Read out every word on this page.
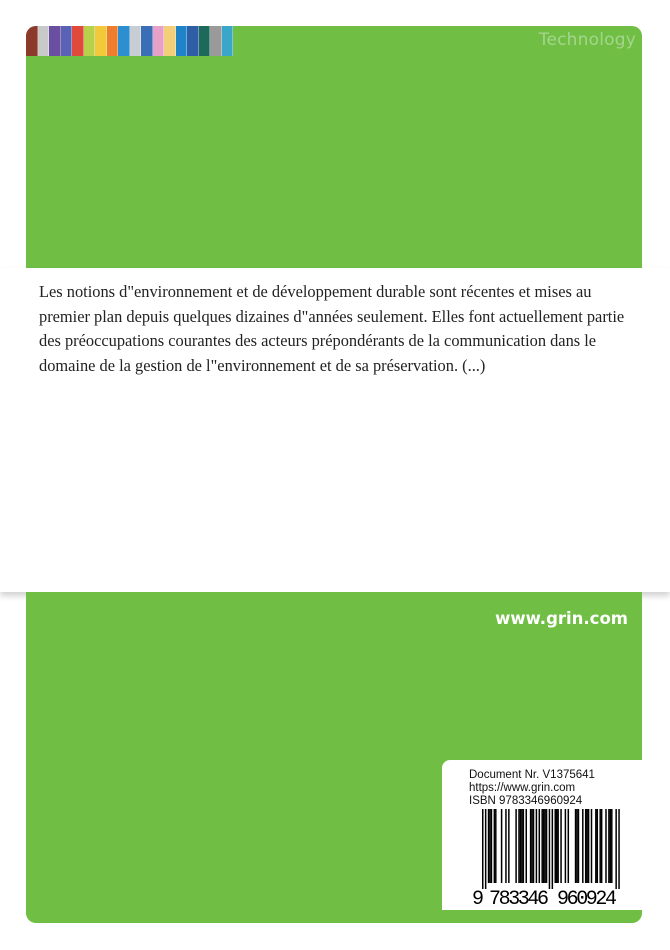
Technology
Les notions d"environnement et de développement durable sont récentes et mises au premier plan depuis quelques dizaines d"années seulement. Elles font actuellement partie des préoccupations courantes des acteurs prépondérants de la communication dans le domaine de la gestion de l"environnement et de sa préservation. (...)
www.grin.com
Document Nr. V1375641
https://www.grin.com
ISBN 9783346960924
9 783346 960924
